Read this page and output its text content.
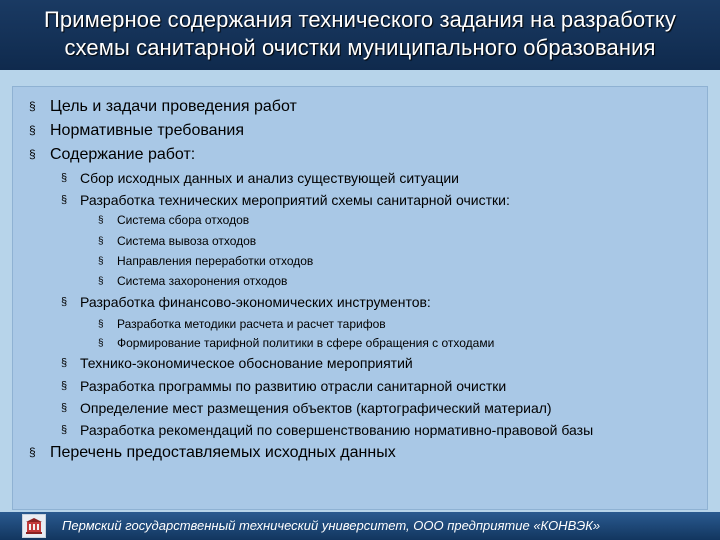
Примерное содержания технического задания на разработку
схемы санитарной очистки муниципального образования
§ Цель и задачи проведения работ
§ Нормативные требования
§ Содержание работ:
§ Сбор исходных данных и анализ существующей ситуации
§ Разработка технических мероприятий схемы санитарной очистки:
§ Система сбора отходов
§ Система вывоза отходов
§ Направления переработки отходов
§ Система захоронения отходов
§ Разработка финансово-экономических инструментов:
§ Разработка методики расчета и расчет тарифов
§ Формирование тарифной политики в сфере обращения с отходами
§ Технико-экономическое обоснование мероприятий
§ Разработка программы по развитию отрасли санитарной очистки
§ Определение мест размещения объектов (картографический материал)
§ Разработка рекомендаций по совершенствованию нормативно-правовой базы
§ Перечень предоставляемых исходных данных
Пермский государственный технический университет, ООО предприятие «КОНВЭК»
